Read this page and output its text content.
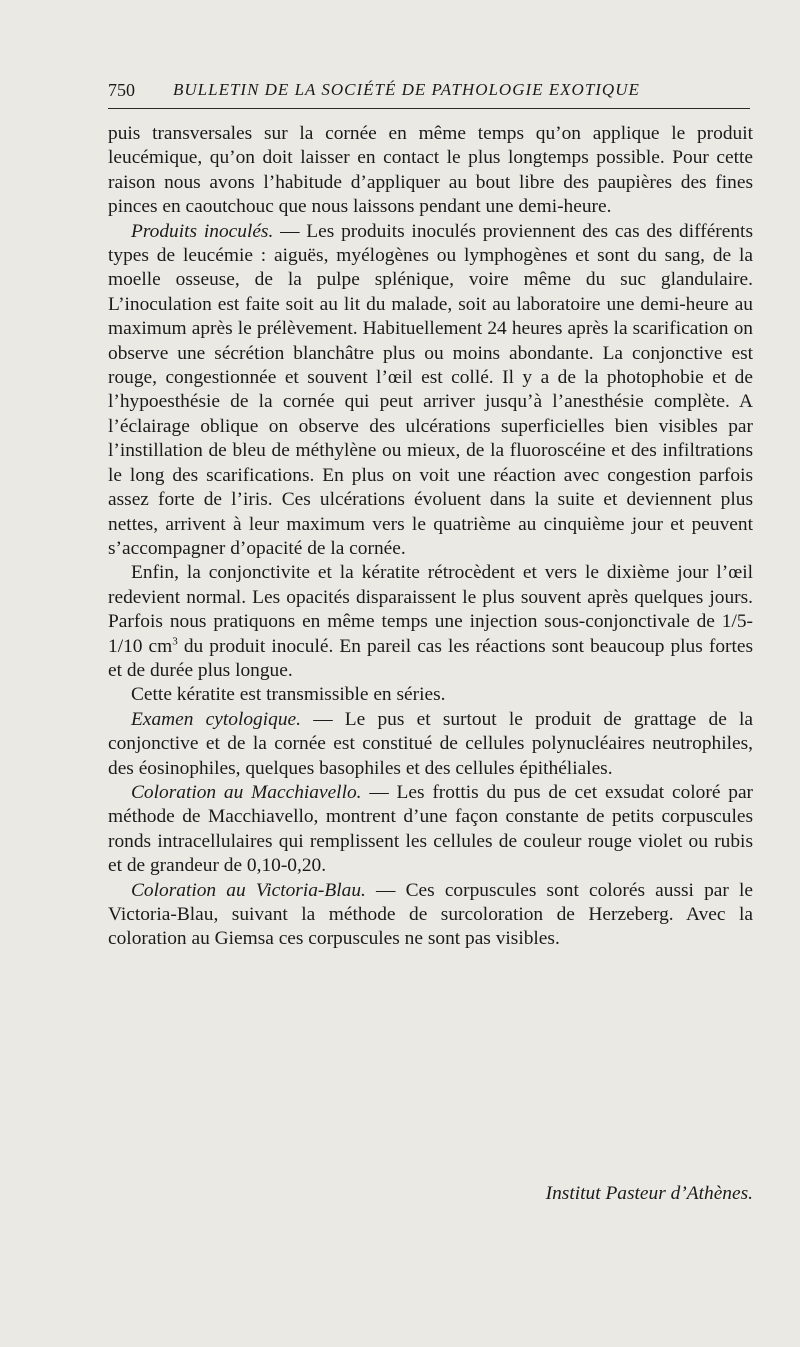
750 BULLETIN DE LA SOCIÉTÉ DE PATHOLOGIE EXOTIQUE

puis transversales sur la cornée en même temps qu’on applique le produit leucémique, qu’on doit laisser en contact le plus longtemps possible. Pour cette raison nous avons l’habitude d’appliquer au bout libre des paupières des fines pinces en caoutchouc que nous laissons pendant une demi-heure.

Produits inoculés. — Les produits inoculés proviennent des cas des différents types de leucémie : aiguës, myélogènes ou lymphogènes et sont du sang, de la moelle osseuse, de la pulpe splénique, voire même du suc glandulaire. L’inoculation est faite soit au lit du malade, soit au laboratoire une demi-heure au maximum après le prélèvement. Habituellement 24 heures après la scarification on observe une sécrétion blanchâtre plus ou moins abondante. La conjonctive est rouge, congestionnée et souvent l’œil est collé. Il y a de la photophobie et de l’hypoesthésie de la cornée qui peut arriver jusqu’à l’anesthésie complète. A l’éclairage oblique on observe des ulcérations superficielles bien visibles par l’instillation de bleu de méthylène ou mieux, de la fluoroscéine et des infiltrations le long des scarifications. En plus on voit une réaction avec congestion parfois assez forte de l’iris. Ces ulcérations évoluent dans la suite et deviennent plus nettes, arrivent à leur maximum vers le quatrième au cinquième jour et peuvent s’accompagner d’opacité de la cornée.

Enfin, la conjonctivite et la kératite rétrocèdent et vers le dixième jour l’œil redevient normal. Les opacités disparaissent le plus souvent après quelques jours. Parfois nous pratiquons en même temps une injection sous-conjonctivale de 1/5-1/10 $cm^3$ du produit inoculé. En pareil cas les réactions sont beaucoup plus fortes et de durée plus longue.

Cette kératite est transmissible en séries.

Examen cytologique. — Le pus et surtout le produit de grattage de la conjonctive et de la cornée est constitué de cellules polynucléaires neutrophiles, des éosinophiles, quelques basophiles et des cellules épithéliales.

Coloration au Macchiavello. — Les frottis du pus de cet exsudat coloré par méthode de Macchiavello, montrent d’une façon constante de petits corpuscules ronds intracellulaires qui remplissent les cellules de couleur rouge violet ou rubis et de grandeur de 0,10-0,20.

Coloration au Victoria-Blau. — Ces corpuscules sont colorés aussi par le Victoria-Blau, suivant la méthode de surcoloration de Herzeberg. Avec la coloration au Giemsa ces corpuscules ne sont pas visibles.

Institut Pasteur d’Athènes.
